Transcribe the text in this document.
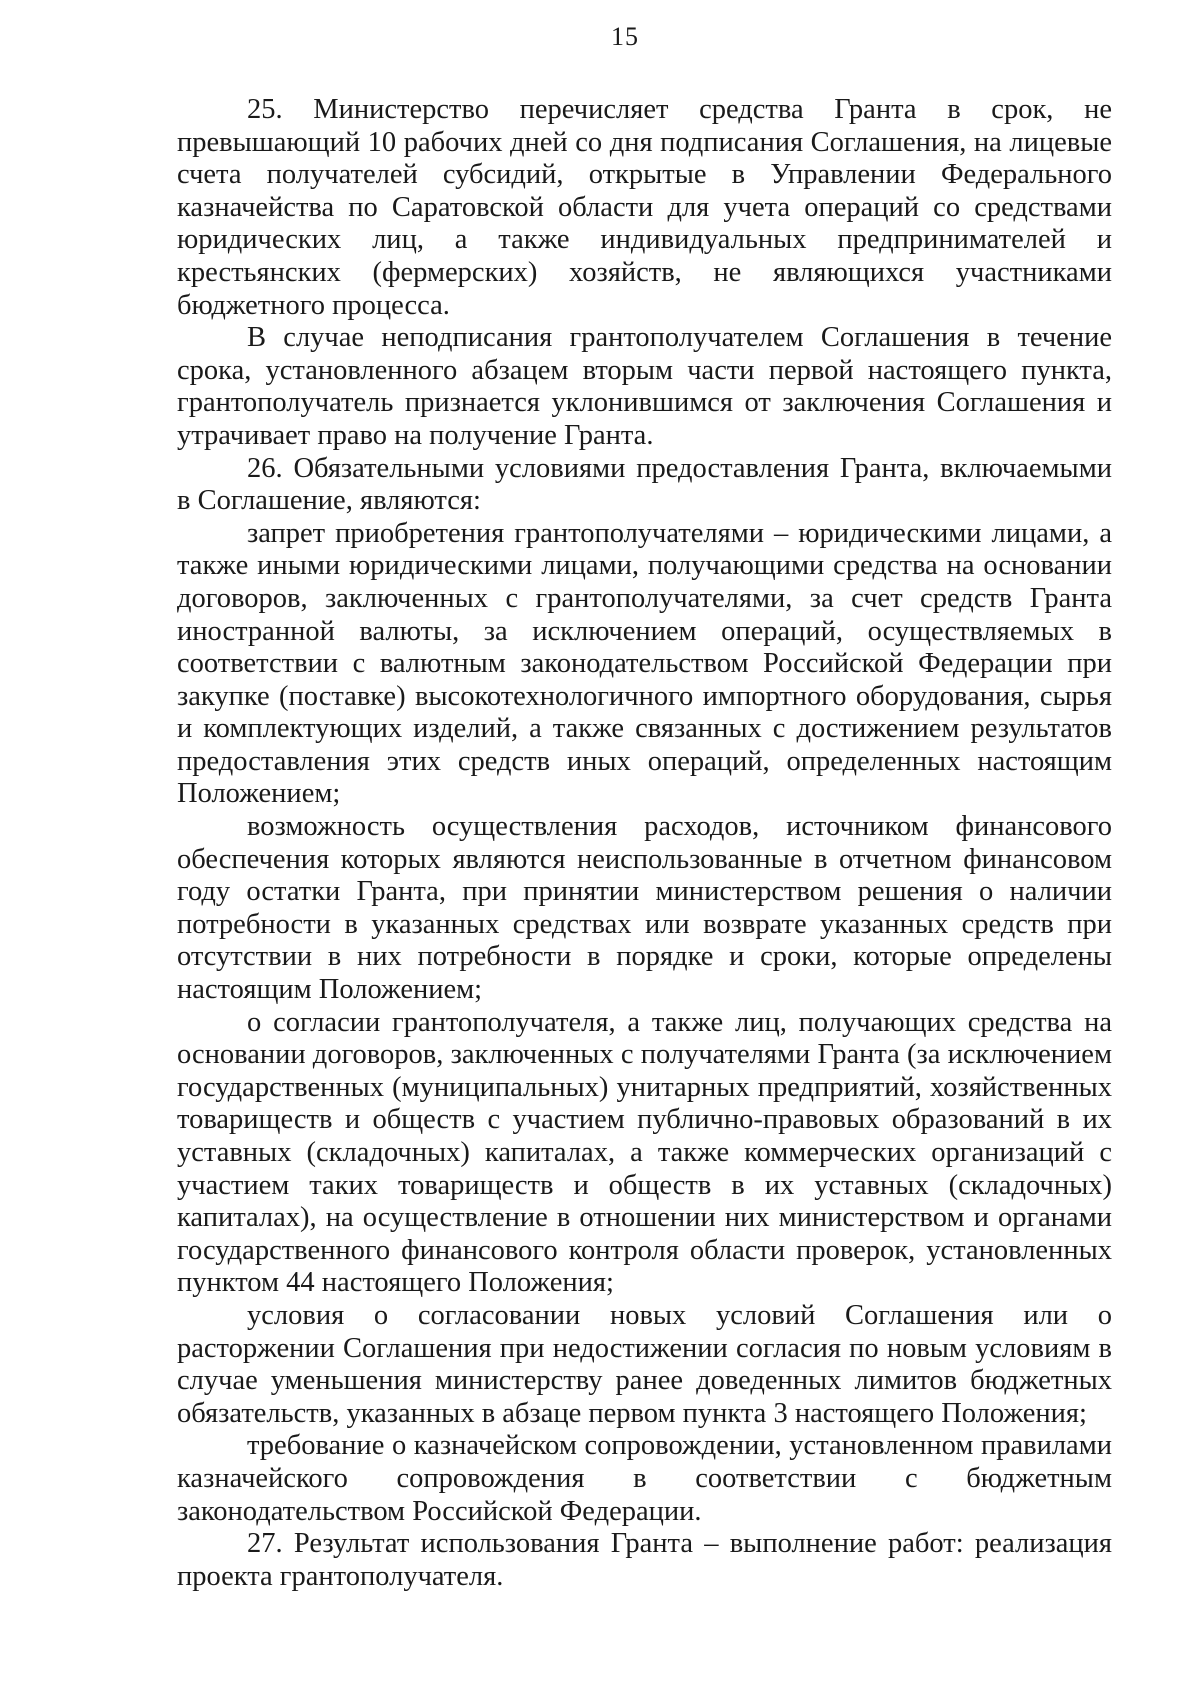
15

25. Министерство перечисляет средства Гранта в срок, не превышающий 10 рабочих дней со дня подписания Соглашения, на лицевые счета получателей субсидий, открытые в Управлении Федерального казначейства по Саратовской области для учета операций со средствами юридических лиц, а также индивидуальных предпринимателей и крестьянских (фермерских) хозяйств, не являющихся участниками бюджетного процесса.

В случае неподписания грантополучателем Соглашения в течение срока, установленного абзацем вторым части первой настоящего пункта, грантополучатель признается уклонившимся от заключения Соглашения и утрачивает право на получение Гранта.

26. Обязательными условиями предоставления Гранта, включаемыми в Соглашение, являются:

запрет приобретения грантополучателями – юридическими лицами, а также иными юридическими лицами, получающими средства на основании договоров, заключенных с грантополучателями, за счет средств Гранта иностранной валюты, за исключением операций, осуществляемых в соответствии с валютным законодательством Российской Федерации при закупке (поставке) высокотехнологичного импортного оборудования, сырья и комплектующих изделий, а также связанных с достижением результатов предоставления этих средств иных операций, определенных настоящим Положением;

возможность осуществления расходов, источником финансового обеспечения которых являются неиспользованные в отчетном финансовом году остатки Гранта, при принятии министерством решения о наличии потребности в указанных средствах или возврате указанных средств при отсутствии в них потребности в порядке и сроки, которые определены настоящим Положением;

о согласии грантополучателя, а также лиц, получающих средства на основании договоров, заключенных с получателями Гранта (за исключением государственных (муниципальных) унитарных предприятий, хозяйственных товариществ и обществ с участием публично-правовых образований в их уставных (складочных) капиталах, а также коммерческих организаций с участием таких товариществ и обществ в их уставных (складочных) капиталах), на осуществление в отношении них министерством и органами государственного финансового контроля области проверок, установленных пунктом 44 настоящего Положения;

условия о согласовании новых условий Соглашения или о расторжении Соглашения при недостижении согласия по новым условиям в случае уменьшения министерству ранее доведенных лимитов бюджетных обязательств, указанных в абзаце первом пункта 3 настоящего Положения;

требование о казначейском сопровождении, установленном правилами казначейского сопровождения в соответствии с бюджетным законодательством Российской Федерации.

27. Результат использования Гранта – выполнение работ: реализация проекта грантополучателя.
